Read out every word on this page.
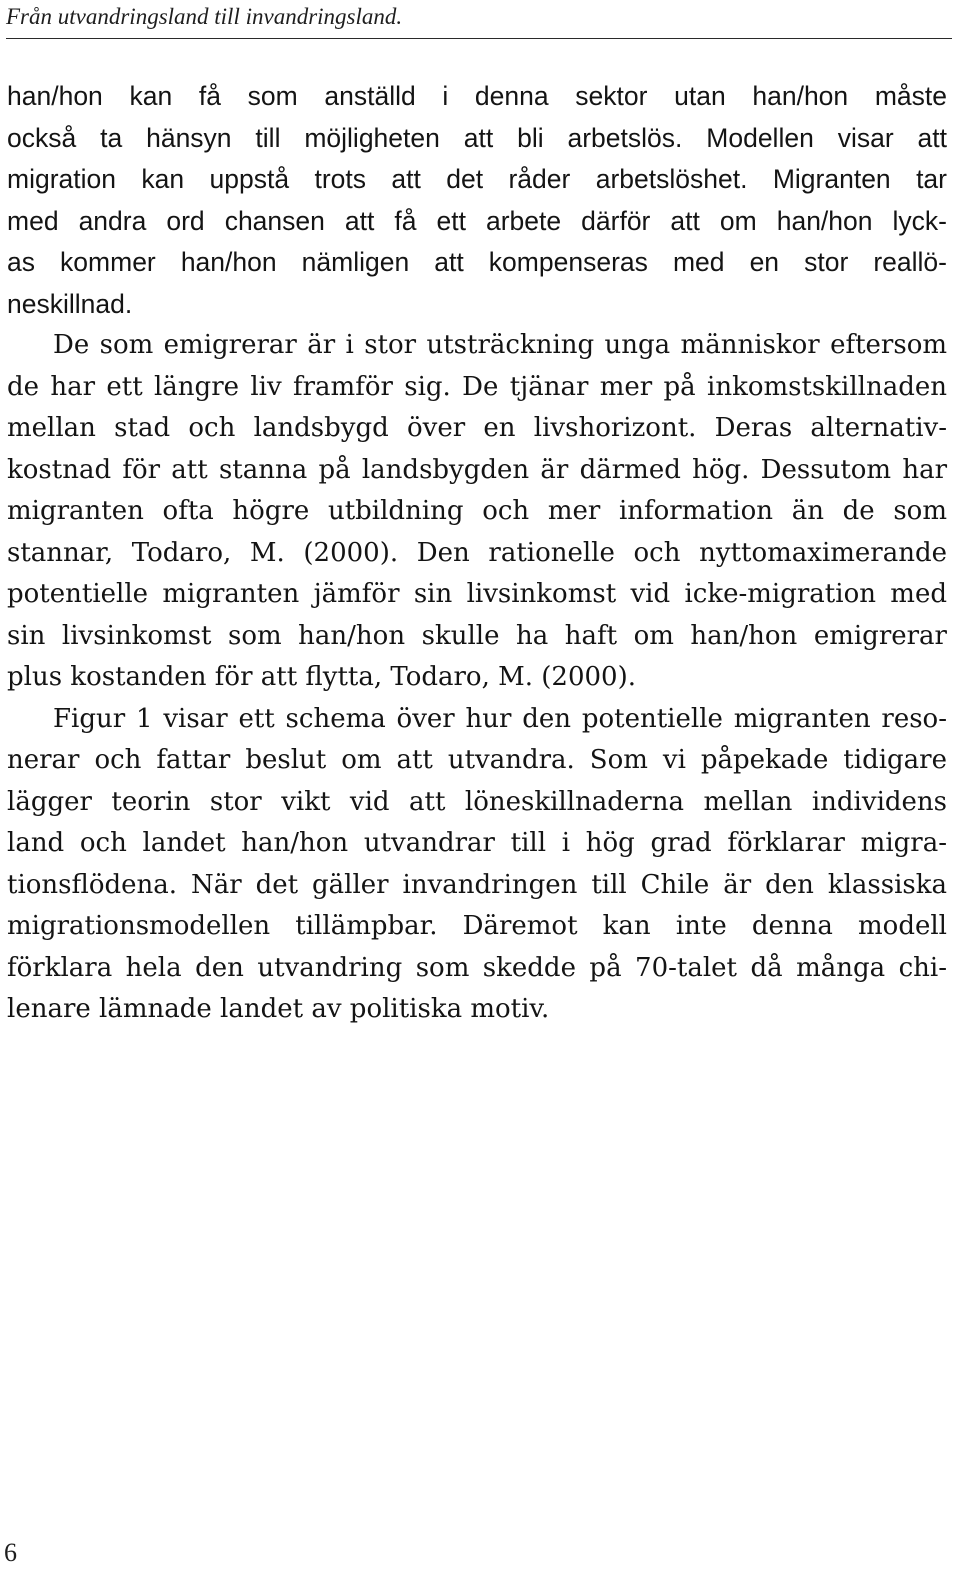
Från utvandringsland till invandringsland.
han/hon kan få som anställd i denna sektor utan han/hon måste
också ta hänsyn till möjligheten att bli arbetslös. Modellen visar att
migration kan uppstå trots att det råder arbetslöshet. Migranten tar
med andra ord chansen att få ett arbete därför att om han/hon lyck-
as kommer han/hon nämligen att kompenseras med en stor reallö-
neskillnad.
De som emigrerar är i stor utsträckning unga människor eftersom
de har ett längre liv framför sig. De tjänar mer på inkomstskillnaden
mellan stad och landsbygd över en livshorizont. Deras alternativ-
kostnad för att stanna på landsbygden är därmed hög. Dessutom har
migranten ofta högre utbildning och mer information än de som
stannar, Todaro, M. (2000). Den rationelle och nyttomaximerande
potentielle migranten jämför sin livsinkomst vid icke-migration med
sin livsinkomst som han/hon skulle ha haft om han/hon emigrerar
plus kostanden för att flytta, Todaro, M. (2000).
Figur 1 visar ett schema över hur den potentielle migranten reso-
nerar och fattar beslut om att utvandra. Som vi påpekade tidigare
lägger teorin stor vikt vid att löneskillnaderna mellan individens
land och landet han/hon utvandrar till i hög grad förklarar migra-
tionsflödena. När det gäller invandringen till Chile är den klassiska
migrationsmodellen tillämpbar. Däremot kan inte denna modell
förklara hela den utvandring som skedde på 70-talet då många chi-
lenare lämnade landet av politiska motiv.
6
